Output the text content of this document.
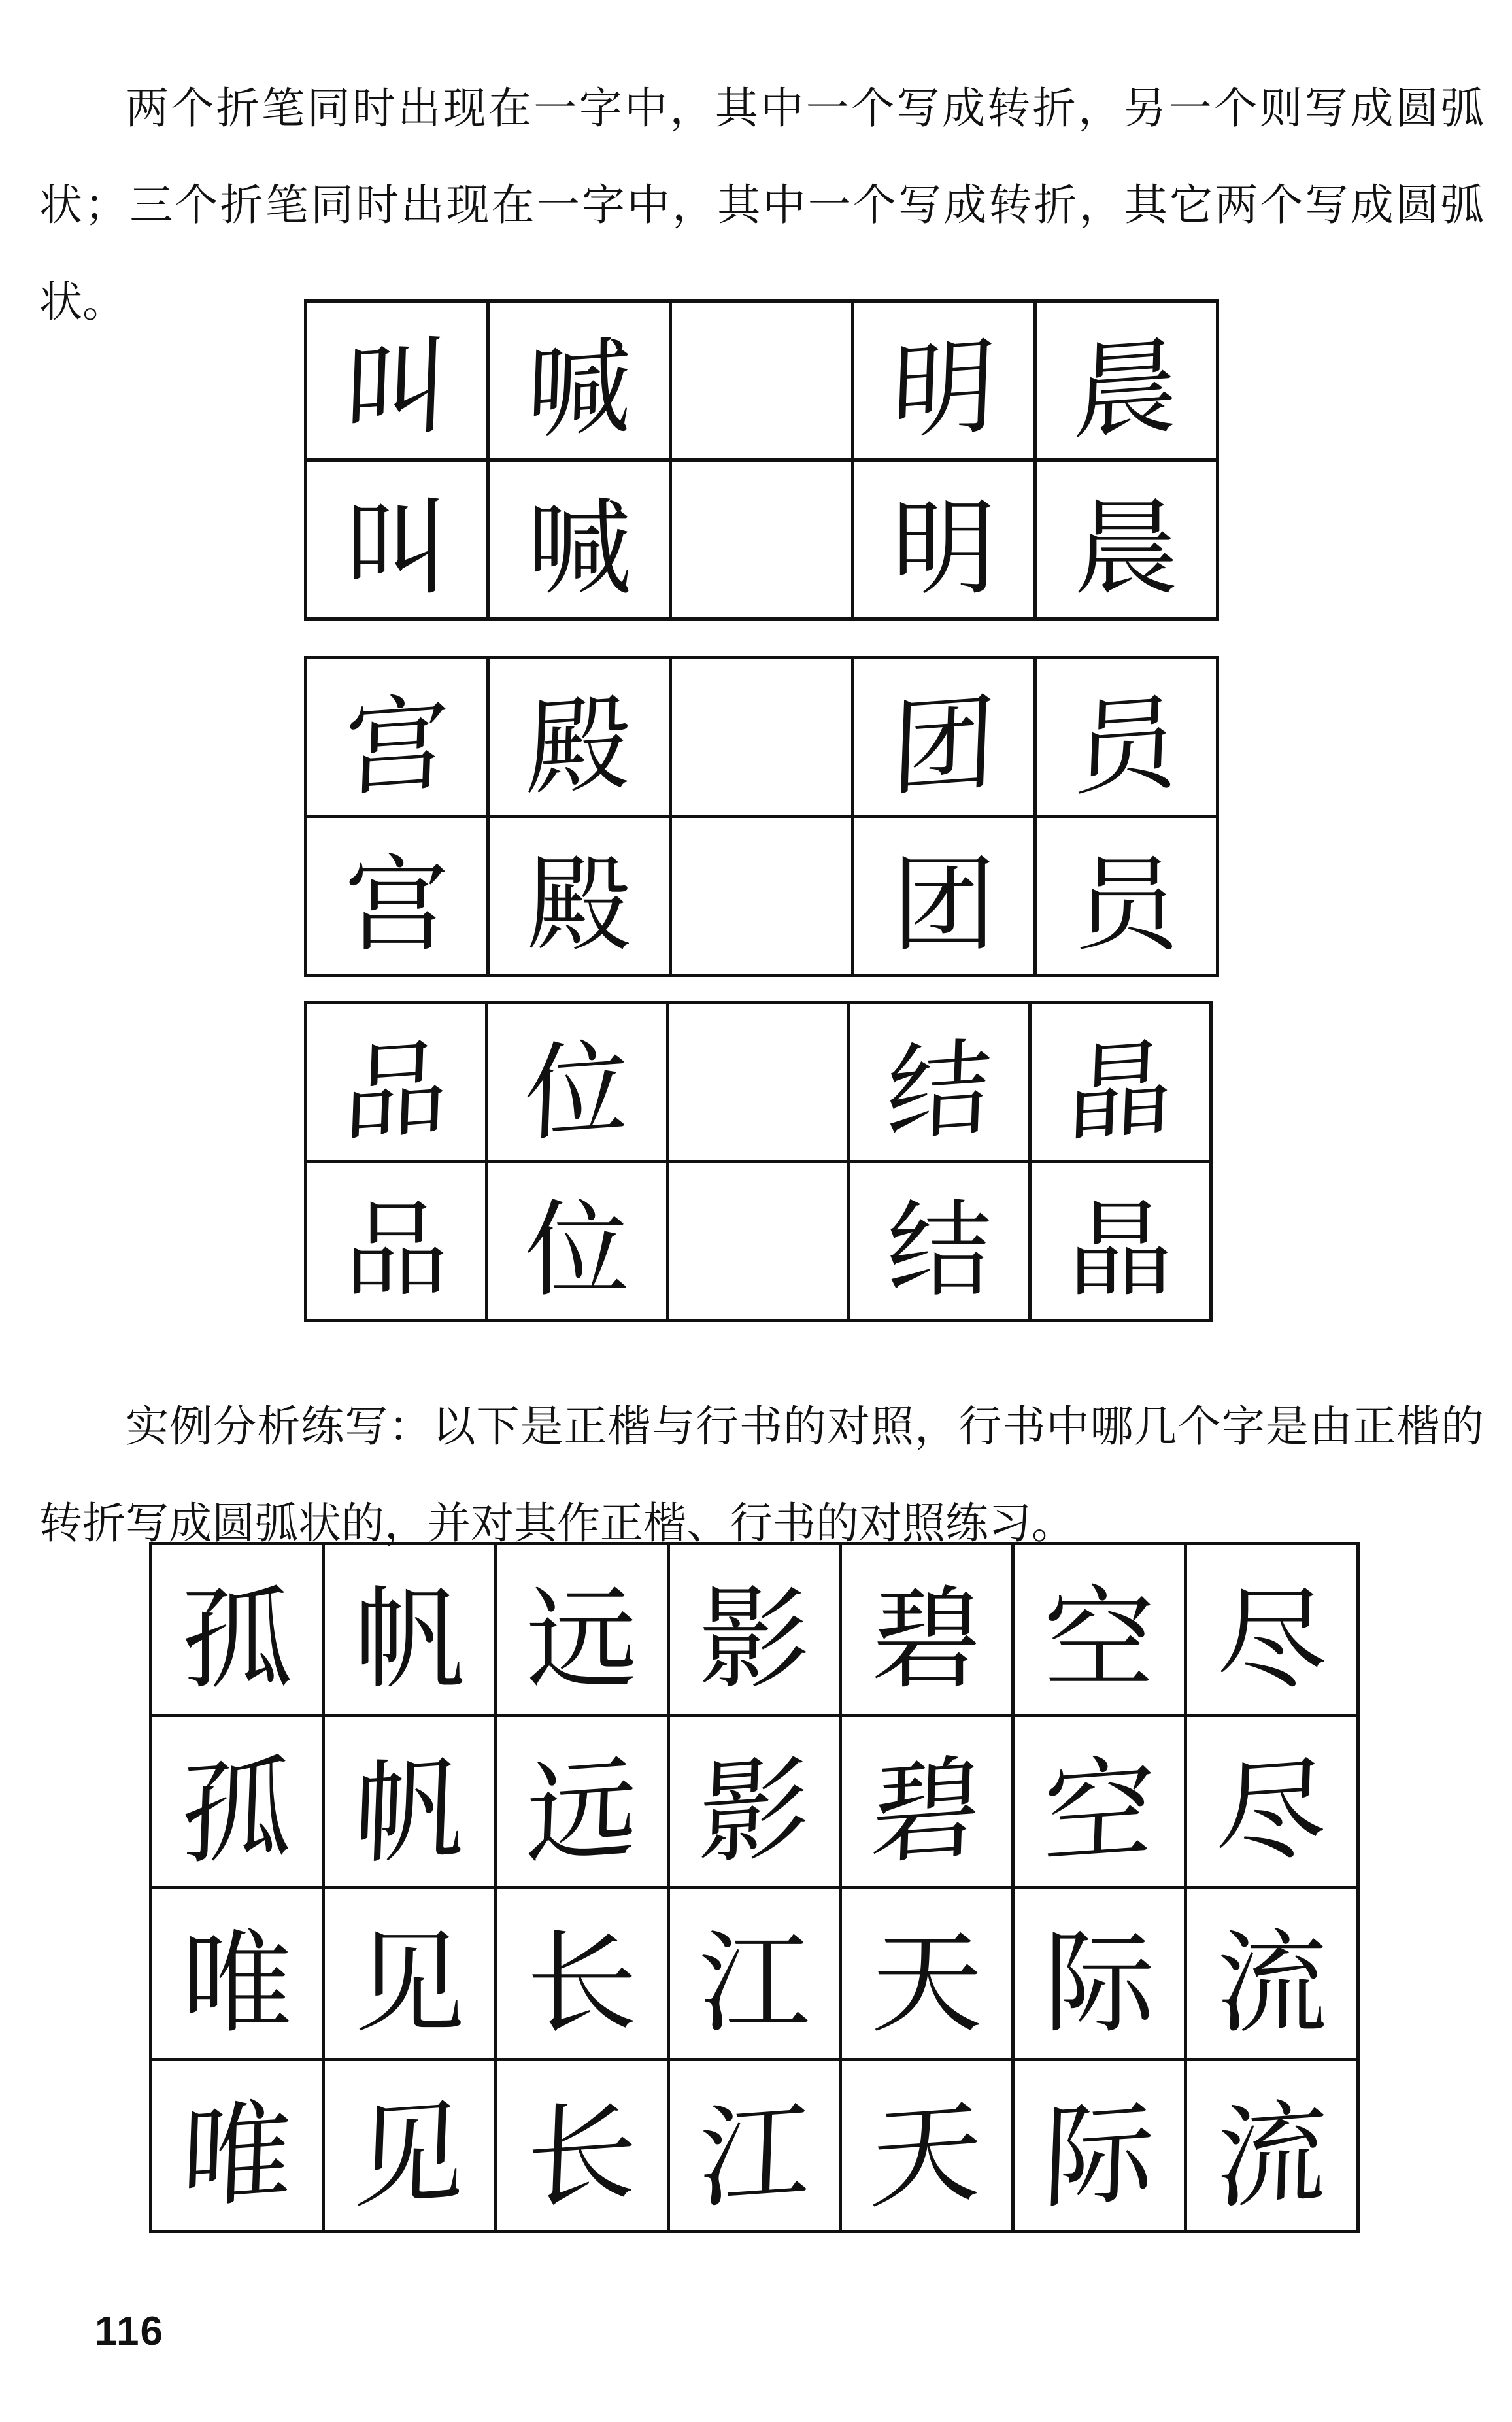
两个折笔同时出现在一字中，其中一个写成转折，另一个则写成圆弧状；三个折笔同时出现在一字中，其中一个写成转折，其它两个写成圆弧状。

叫	喊		明	晨
叫	喊		明	晨
宫	殿		团	员
宫	殿		团	员
品	位		结	晶
品	位		结	晶

实例分析练写：以下是正楷与行书的对照，行书中哪几个字是由正楷的转折写成圆弧状的，并对其作正楷、行书的对照练习。

孤	帆	远	影	碧	空	尽

孤	帆	远	影	碧	空	尽

唯	见	长	江	天	际	流

唯	见	长	江	天	际	流
116
